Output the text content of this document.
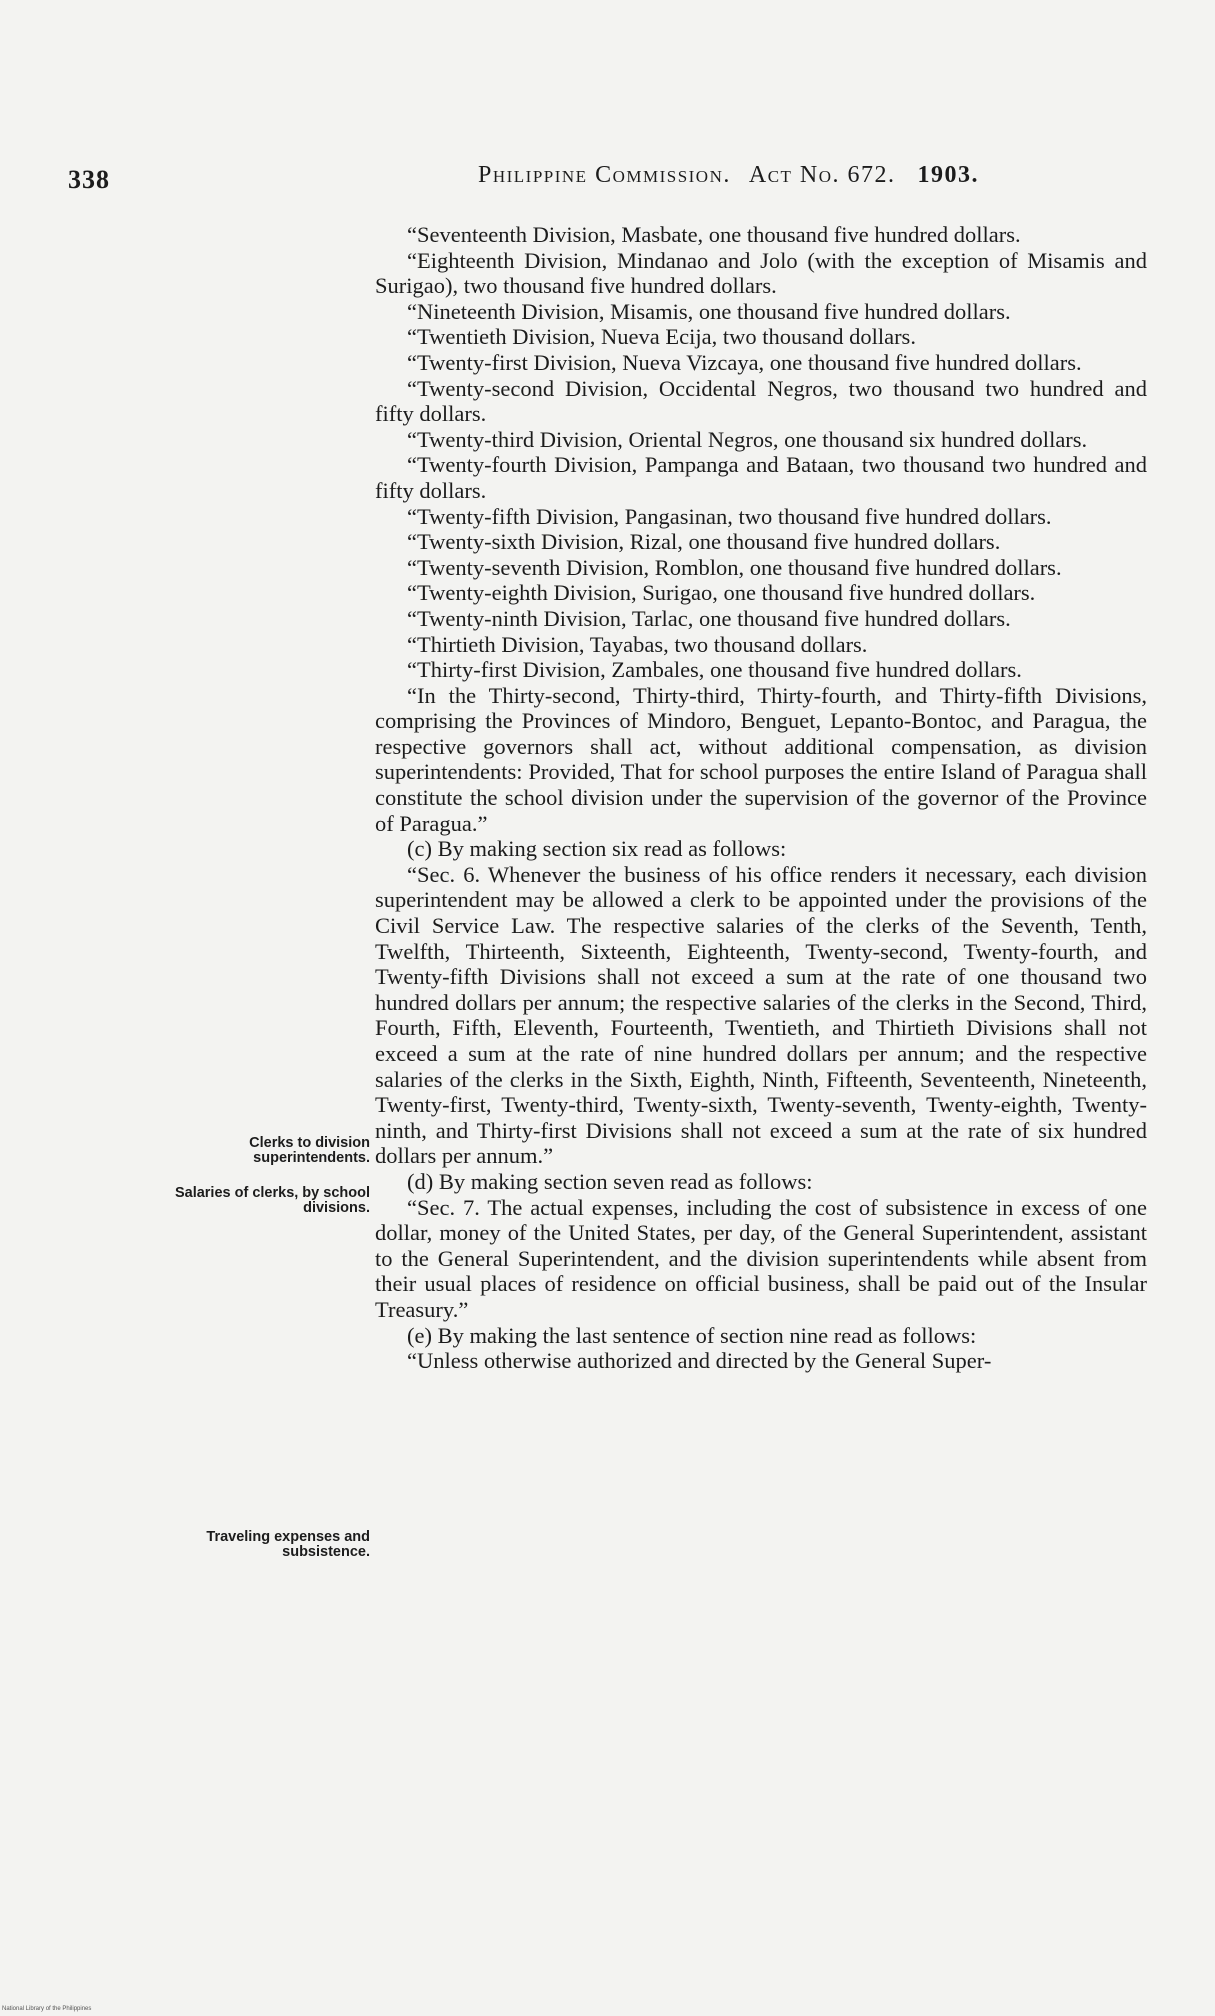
338	Philippine Commission. Act No. 672. 1903.

“Seventeenth Division, Masbate, one thousand five hundred dollars.

“Eighteenth Division, Mindanao and Jolo (with the exception of Misamis and Surigao), two thousand five hundred dollars.

“Nineteenth Division, Misamis, one thousand five hundred dollars.

“Twentieth Division, Nueva Ecija, two thousand dollars.

“Twenty-first Division, Nueva Vizcaya, one thousand five hundred dollars.

“Twenty-second Division, Occidental Negros, two thousand two hundred and fifty dollars.

“Twenty-third Division, Oriental Negros, one thousand six hundred dollars.

“Twenty-fourth Division, Pampanga and Bataan, two thousand two hundred and fifty dollars.

“Twenty-fifth Division, Pangasinan, two thousand five hundred dollars.

“Twenty-sixth Division, Rizal, one thousand five hundred dollars.

“Twenty-seventh Division, Romblon, one thousand five hundred dollars.

“Twenty-eighth Division, Surigao, one thousand five hundred dollars.

“Twenty-ninth Division, Tarlac, one thousand five hundred dollars.

“Thirtieth Division, Tayabas, two thousand dollars.

“Thirty-first Division, Zambales, one thousand five hundred dollars.

“In the Thirty-second, Thirty-third, Thirty-fourth, and Thirty-fifth Divisions, comprising the Provinces of Mindoro, Benguet, Lepanto-Bontoc, and Paragua, the respective governors shall act, without additional compensation, as division superintendents: Provided, That for school purposes the entire Island of Paragua shall constitute the school division under the supervision of the governor of the Province of Paragua.”

(c) By making section six read as follows:

“Sec. 6. Whenever the business of his office renders it necessary, each division superintendent may be allowed a clerk to be appointed under the provisions of the Civil Service Law. The respective salaries of the clerks of the Seventh, Tenth, Twelfth, Thirteenth, Sixteenth, Eighteenth, Twenty-second, Twenty-fourth, and Twenty-fifth Divisions shall not exceed a sum at the rate of one thousand two hundred dollars per annum; the respective salaries of the clerks in the Second, Third, Fourth, Fifth, Eleventh, Fourteenth, Twentieth, and Thirtieth Divisions shall not exceed a sum at the rate of nine hundred dollars per annum; and the respective salaries of the clerks in the Sixth, Eighth, Ninth, Fifteenth, Seventeenth, Nineteenth, Twenty-first, Twenty-third, Twenty-sixth, Twenty-seventh, Twenty-eighth, Twenty-ninth, and Thirty-first Divisions shall not exceed a sum at the rate of six hundred dollars per annum.”

(d) By making section seven read as follows:

“Sec. 7. The actual expenses, including the cost of subsistence in excess of one dollar, money of the United States, per day, of the General Superintendent, assistant to the General Superintendent, and the division superintendents while absent from their usual places of residence on official business, shall be paid out of the Insular Treasury.”

(e) By making the last sentence of section nine read as follows:

“Unless otherwise authorized and directed by the General Super-

Clerks to division superintendents.
Salaries of clerks, by school divisions.
Traveling expenses and subsistence.
National Library of the Philippines
